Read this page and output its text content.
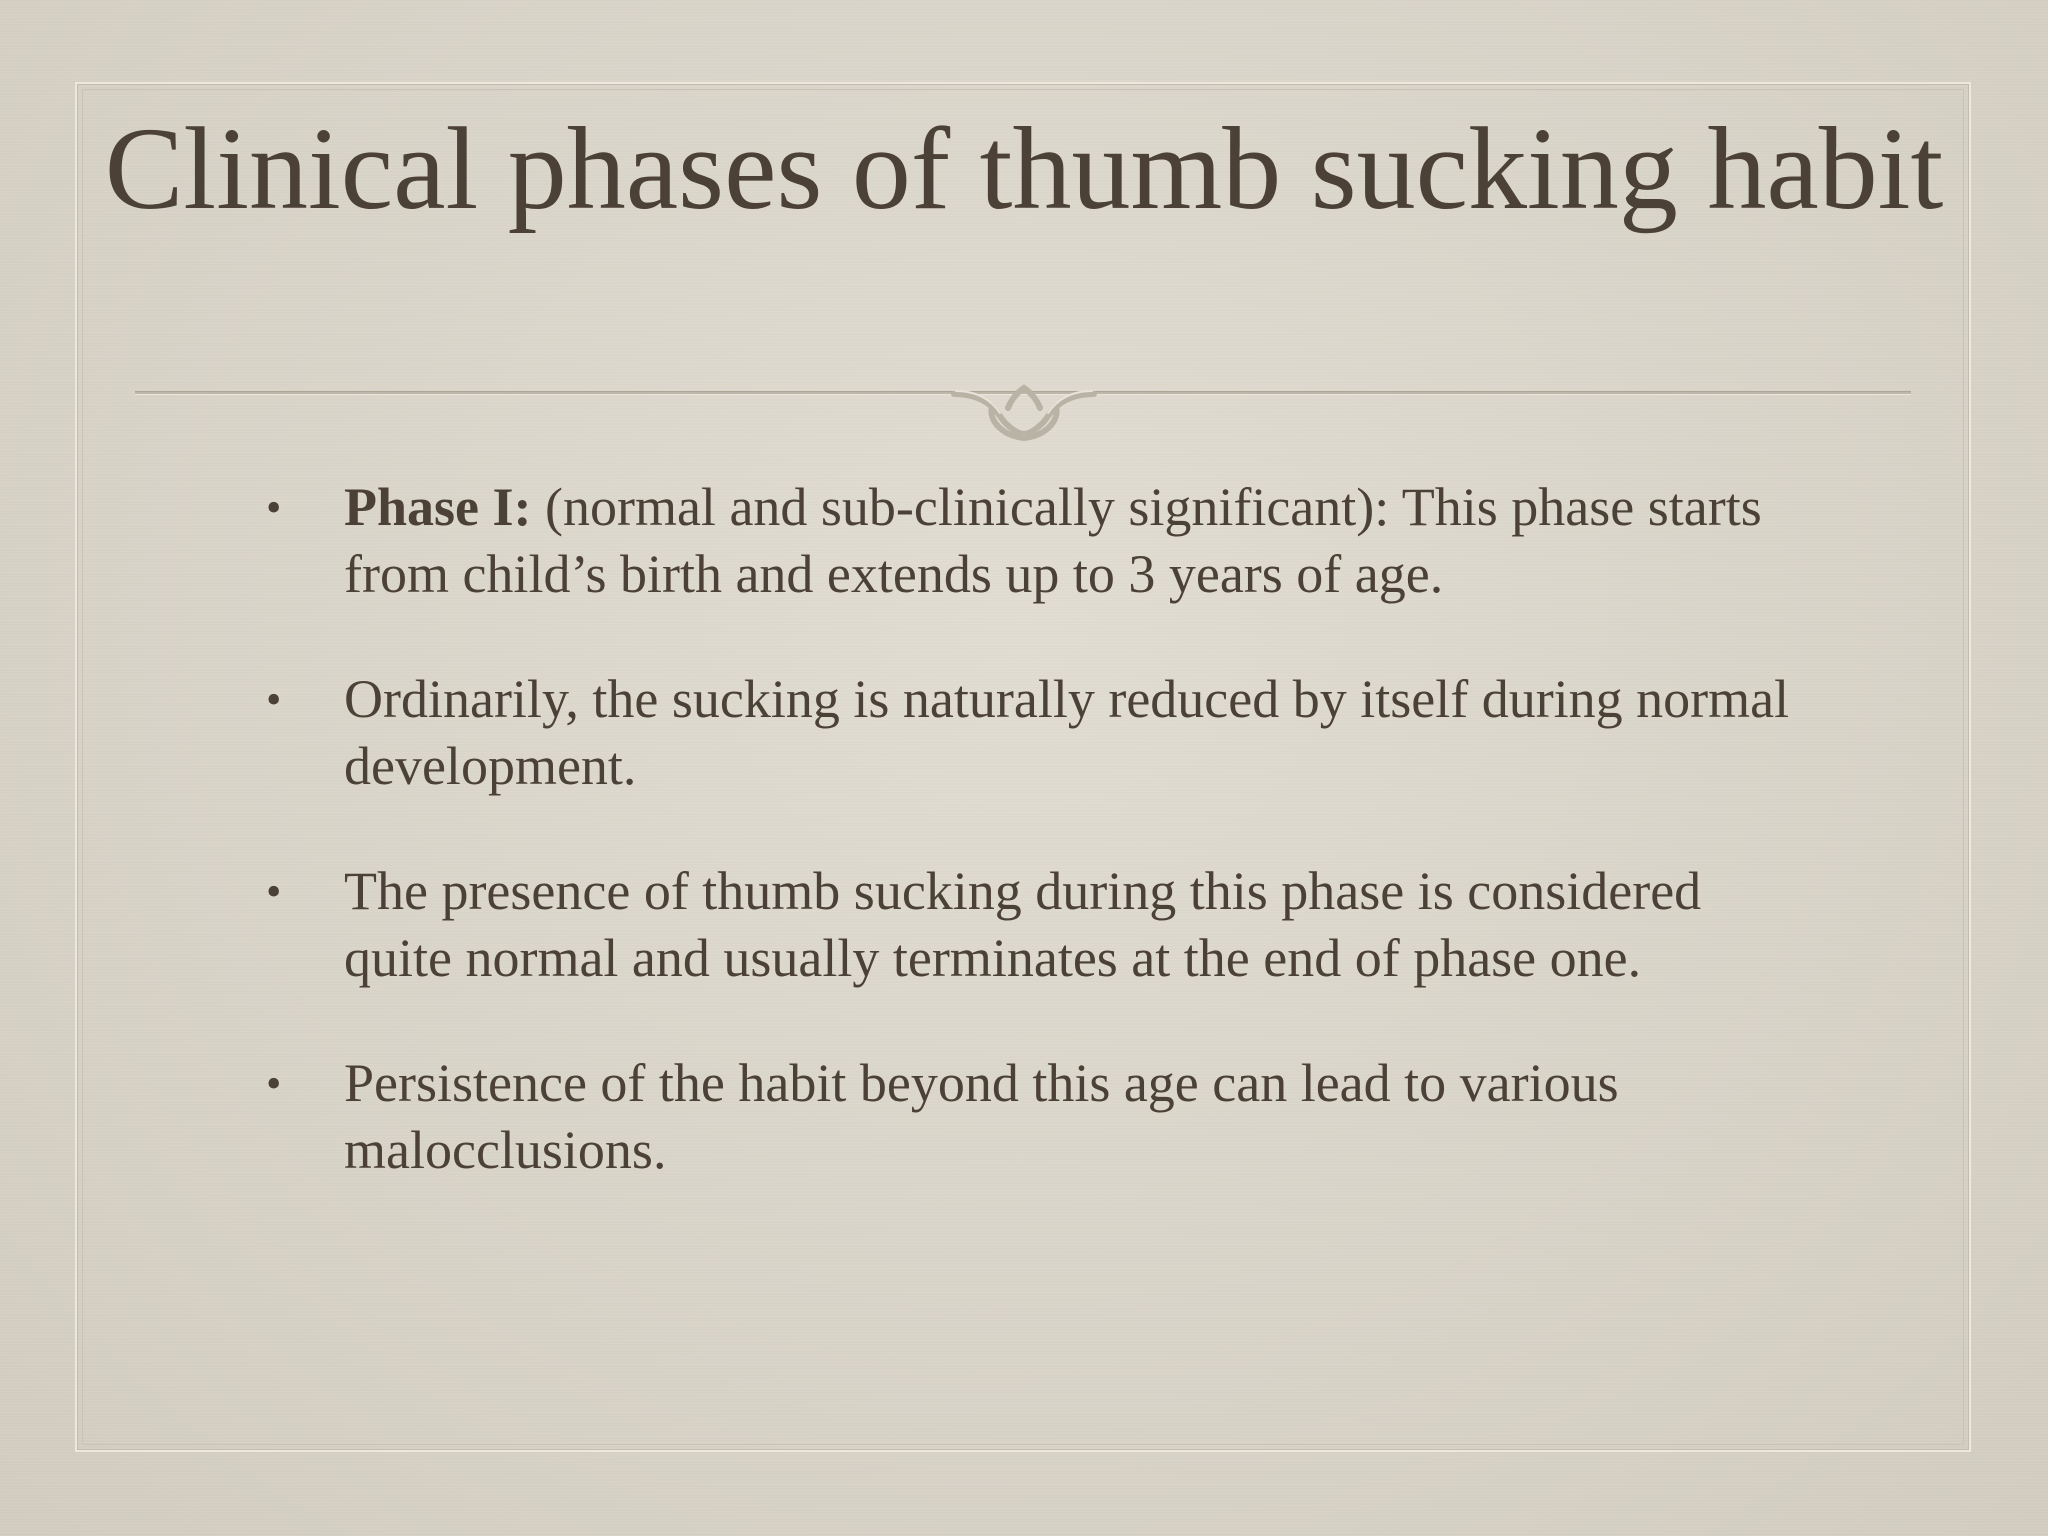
Clinical phases of thumb sucking habit
• Phase I: (normal and sub-clinically significant): This phase starts from child’s birth and extends up to 3 years of age.
• Ordinarily, the sucking is naturally reduced by itself during normal development.
• The presence of thumb sucking during this phase is considered quite normal and usually terminates at the end of phase one.
• Persistence of the habit beyond this age can lead to various malocclusions.
